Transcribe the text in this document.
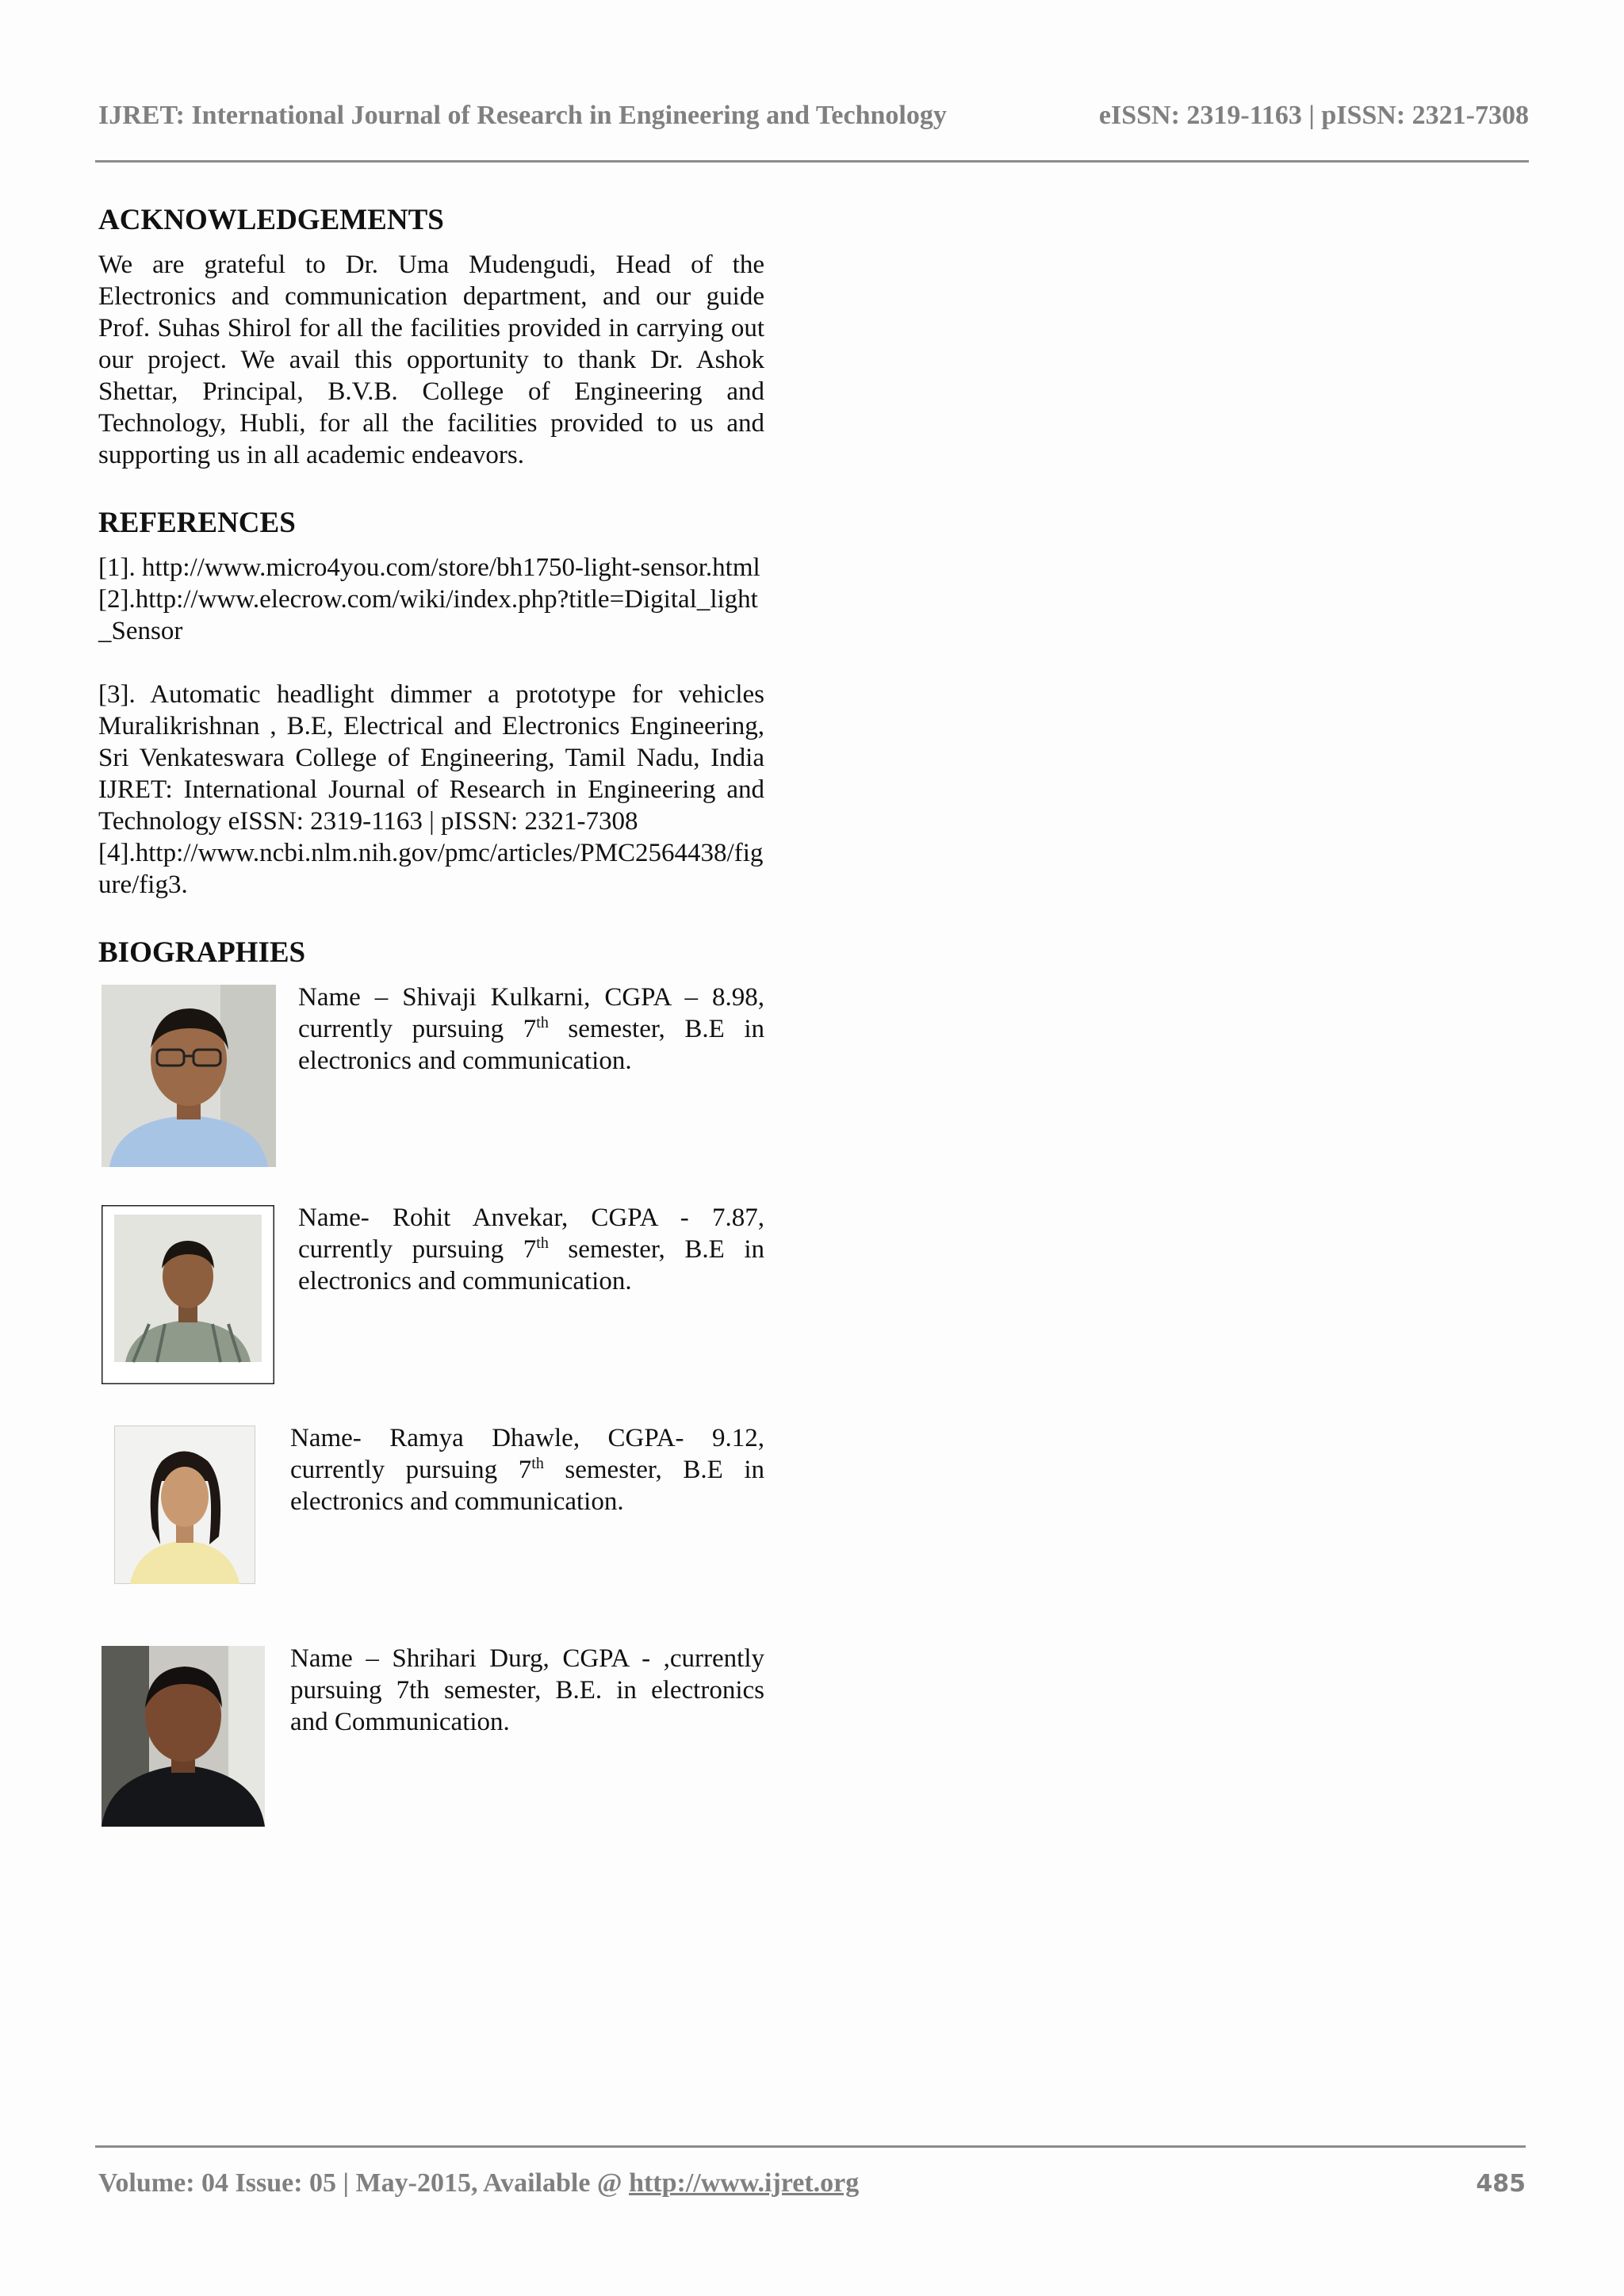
IJRET: International Journal of Research in Engineering and Technology	eISSN: 2319-1163 | pISSN: 2321-7308
ACKNOWLEDGEMENTS

We are grateful to Dr. Uma Mudengudi, Head of the Electronics and communication department, and our guide Prof. Suhas Shirol for all the facilities provided in carrying out our project. We avail this opportunity to thank Dr. Ashok Shettar, Principal, B.V.B. College of Engineering and Technology, Hubli, for all the facilities provided to us and supporting us in all academic endeavors.

REFERENCES

[1]. http://www.micro4you.com/store/bh1750-light-sensor.html

[2].http://www.elecrow.com/wiki/index.php?title=Digital_light_Sensor

[3]. Automatic headlight dimmer a prototype for vehicles Muralikrishnan , B.E, Electrical and Electronics Engineering, Sri Venkateswara College of Engineering, Tamil Nadu, India IJRET: International Journal of Research in Engineering and Technology eISSN: 2319-1163 | pISSN: 2321-7308

[4].http://www.ncbi.nlm.nih.gov/pmc/articles/PMC2564438/figure/fig3.

BIOGRAPHIES
Name – Shivaji Kulkarni, CGPA – 8.98, currently pursuing 7th semester, B.E in electronics and communication.
Name- Rohit Anvekar, CGPA - 7.87, currently pursuing 7th semester, B.E in electronics and communication.
Name- Ramya Dhawle, CGPA- 9.12, currently pursuing 7th semester, B.E in electronics and communication.
Name – Shrihari Durg, CGPA - ,currently pursuing 7th semester, B.E. in electronics and Communication.
Volume: 04 Issue: 05 | May-2015, Available @ http://www.ijret.org	485
